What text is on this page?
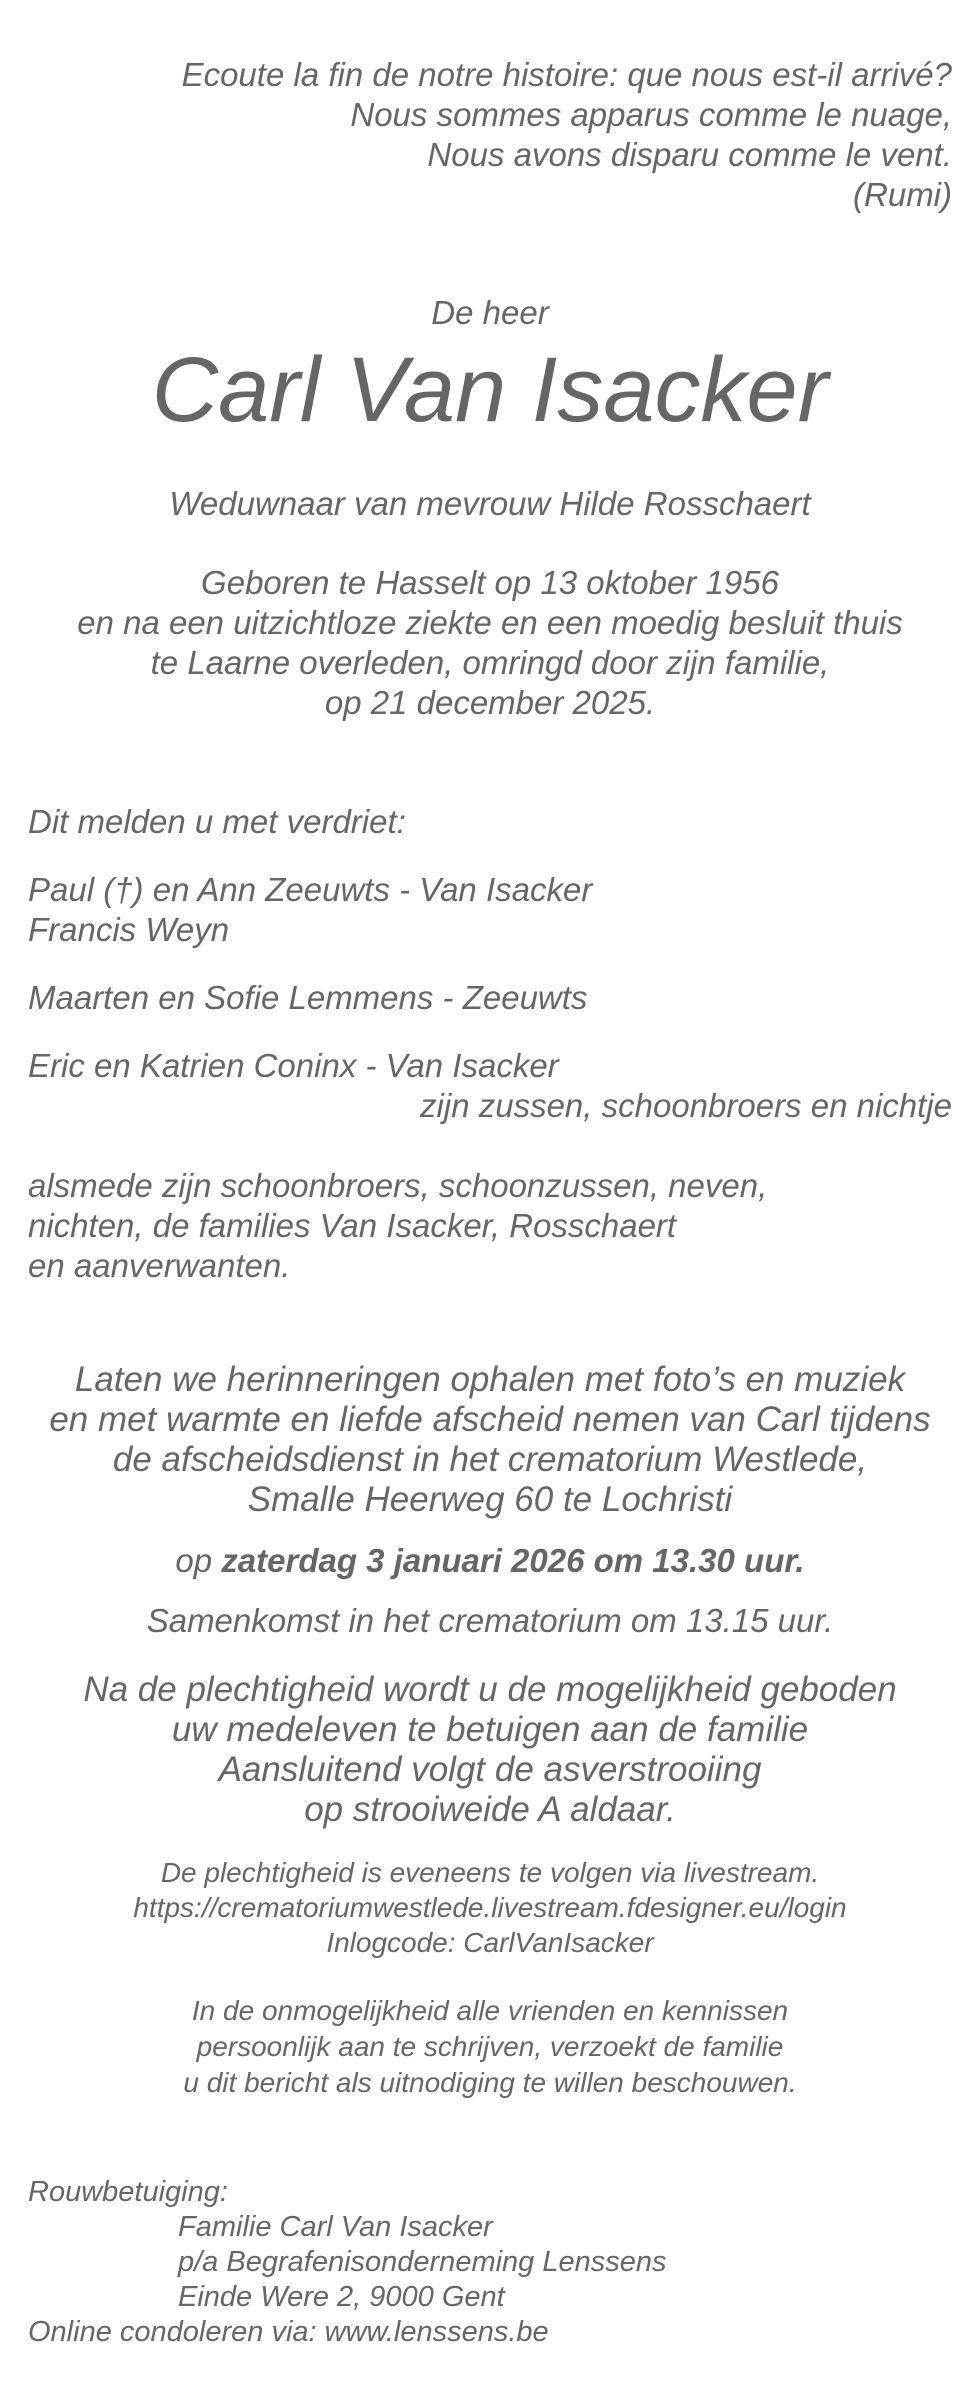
Ecoute la fin de notre histoire: que nous est-il arrivé?
Nous sommes apparus comme le nuage,
Nous avons disparu comme le vent.
(Rumi)
De heer
Carl Van Isacker
Weduwnaar van mevrouw Hilde Rosschaert
Geboren te Hasselt op 13 oktober 1956
en na een uitzichtloze ziekte en een moedig besluit thuis
te Laarne overleden, omringd door zijn familie,
op 21 december 2025.
Dit melden u met verdriet:
Paul (†) en Ann Zeeuwts - Van Isacker
Francis Weyn
Maarten en Sofie Lemmens - Zeeuwts
Eric en Katrien Coninx - Van Isacker
zijn zussen, schoonbroers en nichtje
alsmede zijn schoonbroers, schoonzussen, neven,
nichten, de families Van Isacker, Rosschaert
en aanverwanten.
Laten we herinneringen ophalen met foto’s en muziek
en met warmte en liefde afscheid nemen van Carl tijdens
de afscheidsdienst in het crematorium Westlede,
Smalle Heerweg 60 te Lochristi
op zaterdag 3 januari 2026 om 13.30 uur.
Samenkomst in het crematorium om 13.15 uur.
Na de plechtigheid wordt u de mogelijkheid geboden
uw medeleven te betuigen aan de familie
Aansluitend volgt de asverstrooiing
op strooiweide A aldaar.
De plechtigheid is eveneens te volgen via livestream.
https://crematoriumwestlede.livestream.fdesigner.eu/login
Inlogcode: CarlVanIsacker
In de onmogelijkheid alle vrienden en kennissen
persoonlijk aan te schrijven, verzoekt de familie
u dit bericht als uitnodiging te willen beschouwen.
Rouwbetuiging:
Familie Carl Van Isacker
p/a Begrafenisonderneming Lenssens
Einde Were 2, 9000 Gent
Online condoleren via: www.lenssens.be
